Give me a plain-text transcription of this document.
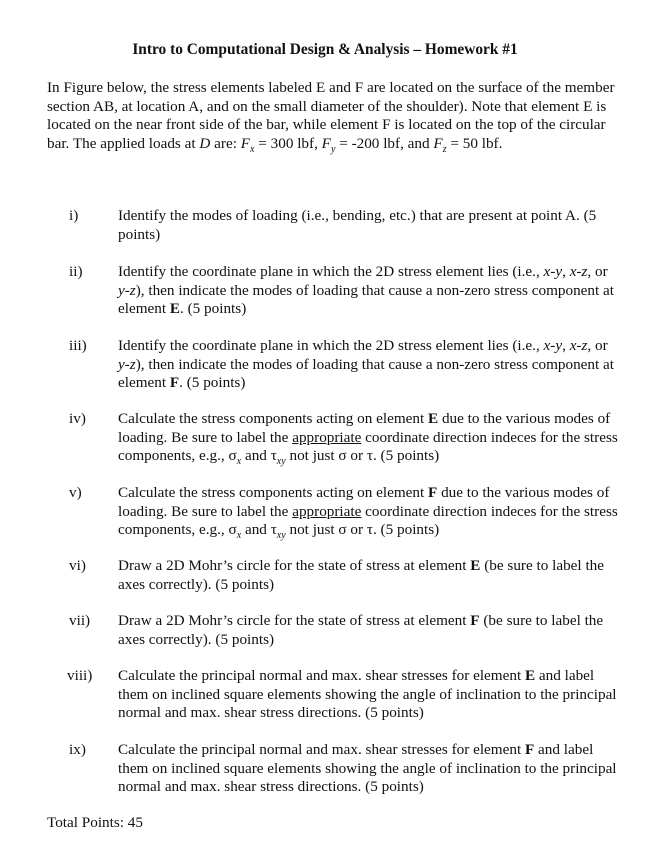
Intro to Computational Design & Analysis – Homework #1
In Figure below, the stress elements labeled E and F are located on the surface of the member section AB, at location A, and on the small diameter of the shoulder). Note that element E is located on the near front side of the bar, while element F is located on the top of the circular bar. The applied loads at D are: $F_x = 300$ lbf, $F_y = -200$ lbf, and $F_z = 50$ lbf.
i)	Identify the modes of loading (i.e., bending, etc.) that are present at point A. (5 points)
ii) Identify the coordinate plane in which the 2D stress element lies (i.e., x-y, x-z, or y-z), then indicate the modes of loading that cause a non-zero stress component at element E. (5 points)
iii) Identify the coordinate plane in which the 2D stress element lies (i.e., x-y, x-z, or y-z), then indicate the modes of loading that cause a non-zero stress component at element F. (5 points)
iv) Calculate the stress components acting on element E due to the various modes of loading. Be sure to label the appropriate coordinate direction indeces for the stress components, e.g., $\sigma_x$ and $\tau_{xy}$ not just σ or τ. (5 points)
v) Calculate the stress components acting on element F due to the various modes of loading. Be sure to label the appropriate coordinate direction indeces for the stress components, e.g., $\sigma_x$ and $\tau_{xy}$ not just σ or τ. (5 points)
vi) Draw a 2D Mohr’s circle for the state of stress at element E (be sure to label the axes correctly). (5 points)
vii) Draw a 2D Mohr’s circle for the state of stress at element F (be sure to label the axes correctly). (5 points)
viii) Calculate the principal normal and max. shear stresses for element E and label them on inclined square elements showing the angle of inclination to the principal normal and max. shear stress directions. (5 points)
ix) Calculate the principal normal and max. shear stresses for element F and label them on inclined square elements showing the angle of inclination to the principal normal and max. shear stress directions. (5 points)
Total Points: 45
